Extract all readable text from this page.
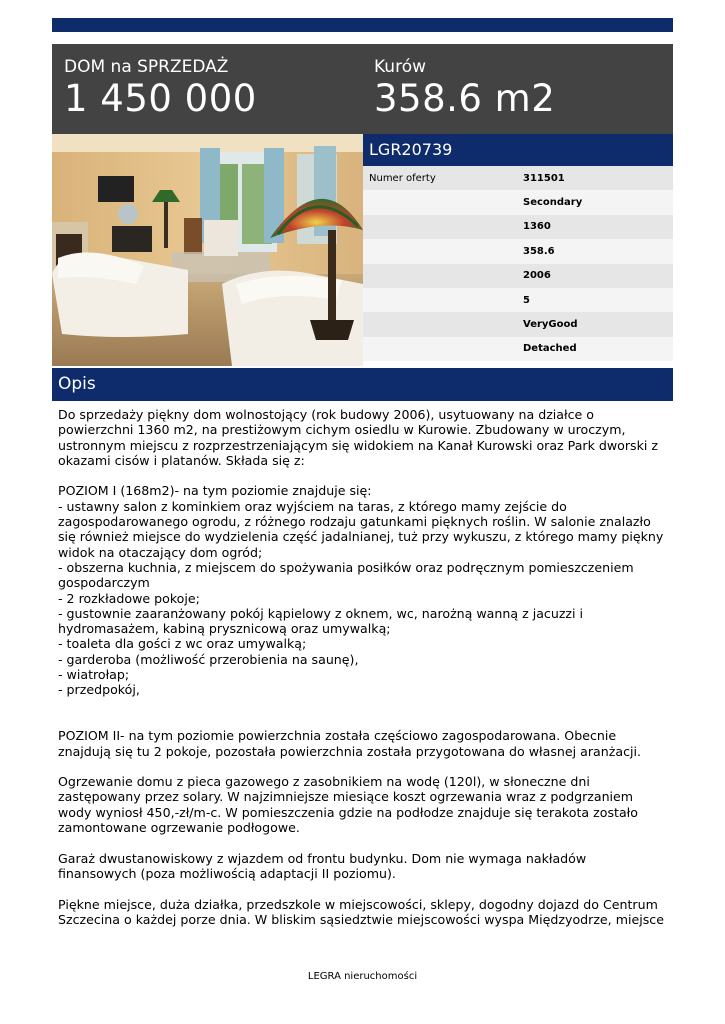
DOM na SPRZEDAŻ
1 450 000
Kurów
358.6 m2
LGR20739
Numer oferty	311501
Secondary
1360
358.6
2006
5
VeryGood
Detached
Opis

Do sprzedaży piękny dom wolnostojący (rok budowy 2006), usytuowany na działce o powierzchni 1360 m2, na prestiżowym cichym osiedlu w Kurowie. Zbudowany w uroczym, ustronnym miejscu z rozprzestrzeniającym się widokiem na Kanał Kurowski oraz Park dworski z okazami cisów i platanów. Składa się z:

POZIOM I (168m2)- na tym poziomie znajduje się:

- ustawny salon z kominkiem oraz wyjściem na taras, z którego mamy zejście do zagospodarowanego ogrodu, z różnego rodzaju gatunkami pięknych roślin. W salonie znalazło się również miejsce do wydzielenia część jadalnianej, tuż przy wykuszu, z którego mamy piękny widok na otaczający dom ogród;

- obszerna kuchnia, z miejscem do spożywania posiłków oraz podręcznym pomieszczeniem gospodarczym

- 2 rozkładowe pokoje;

- gustownie zaaranżowany pokój kąpielowy z oknem, wc, narożną wanną z jacuzzi i hydromasażem, kabiną prysznicową oraz umywalką;

- toaleta dla gości z wc oraz umywalką;

- garderoba (możliwość przerobienia na saunę),

- wiatrołap;

- przedpokój,

POZIOM II- na tym poziomie powierzchnia została częściowo zagospodarowana. Obecnie znajdują się tu 2 pokoje, pozostała powierzchnia została przygotowana do własnej aranżacji.

Ogrzewanie domu z pieca gazowego z zasobnikiem na wodę (120l), w słoneczne dni zastępowany przez solary. W najzimniejsze miesiące koszt ogrzewania wraz z podgrzaniem wody wyniosł 450,-zł/m-c. W pomieszczenia gdzie na podłodze znajduje się terakota zostało zamontowane ogrzewanie podłogowe.

Garaż dwustanowiskowy z wjazdem od frontu budynku. Dom nie wymaga nakładów finansowych (poza możliwością adaptacji II poziomu).

Piękne miejsce, duża działka, przedszkole w miejscowości, sklepy, dogodny dojazd do Centrum Szczecina o każdej porze dnia. W bliskim sąsiedztwie miejscowości wyspa Międzyodrze, miejsce

LEGRA nieruchomości
